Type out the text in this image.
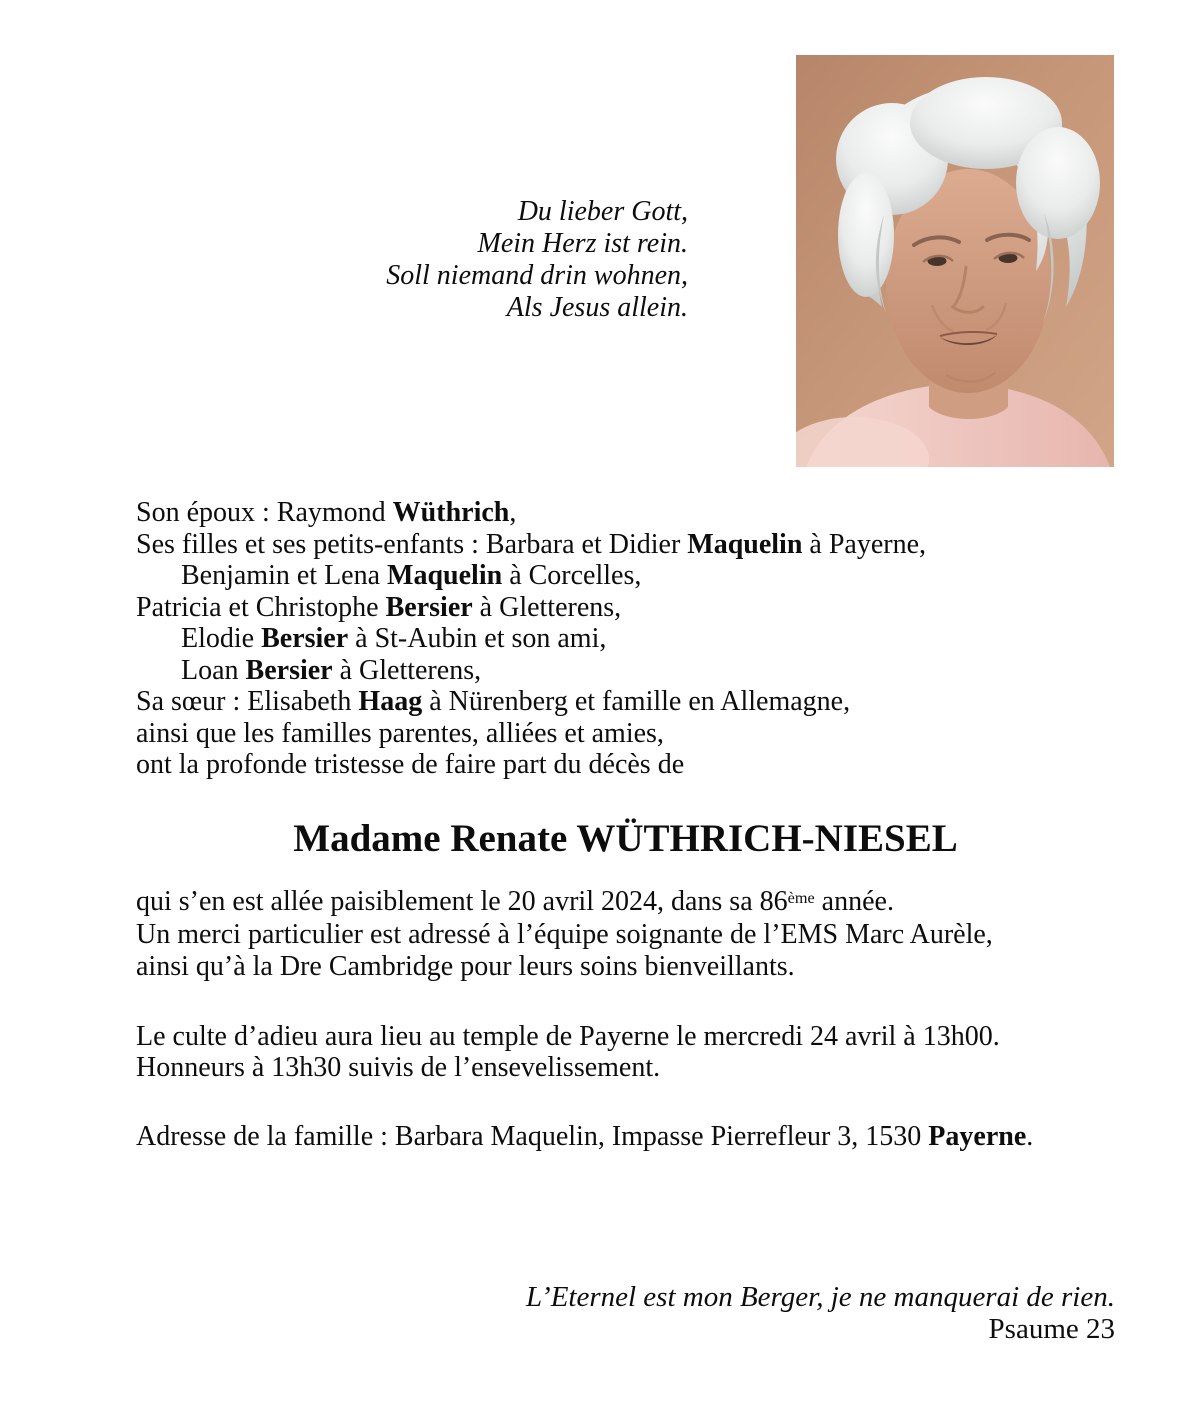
Du lieber Gott,
Mein Herz ist rein.
Soll niemand drin wohnen,
Als Jesus allein.
Son époux : Raymond Wüthrich,
Ses filles et ses petits-enfants : Barbara et Didier Maquelin à Payerne,
Benjamin et Lena Maquelin à Corcelles,
Patricia et Christophe Bersier à Gletterens,
Elodie Bersier à St-Aubin et son ami,
Loan Bersier à Gletterens,
Sa sœur : Elisabeth Haag à Nürenberg et famille en Allemagne,
ainsi que les familles parentes, alliées et amies,
ont la profonde tristesse de faire part du décès de
Madame Renate WÜTHRICH-NIESEL
qui s’en est allée paisiblement le 20 avril 2024, dans sa 86ème année.
Un merci particulier est adressé à l’équipe soignante de l’EMS Marc Aurèle,
ainsi qu’à la Dre Cambridge pour leurs soins bienveillants.
Le culte d’adieu aura lieu au temple de Payerne le mercredi 24 avril à 13h00.
Honneurs à 13h30 suivis de l’ensevelissement.
Adresse de la famille : Barbara Maquelin, Impasse Pierrefleur 3, 1530 Payerne.
L’Eternel est mon Berger, je ne manquerai de rien.
Psaume 23
